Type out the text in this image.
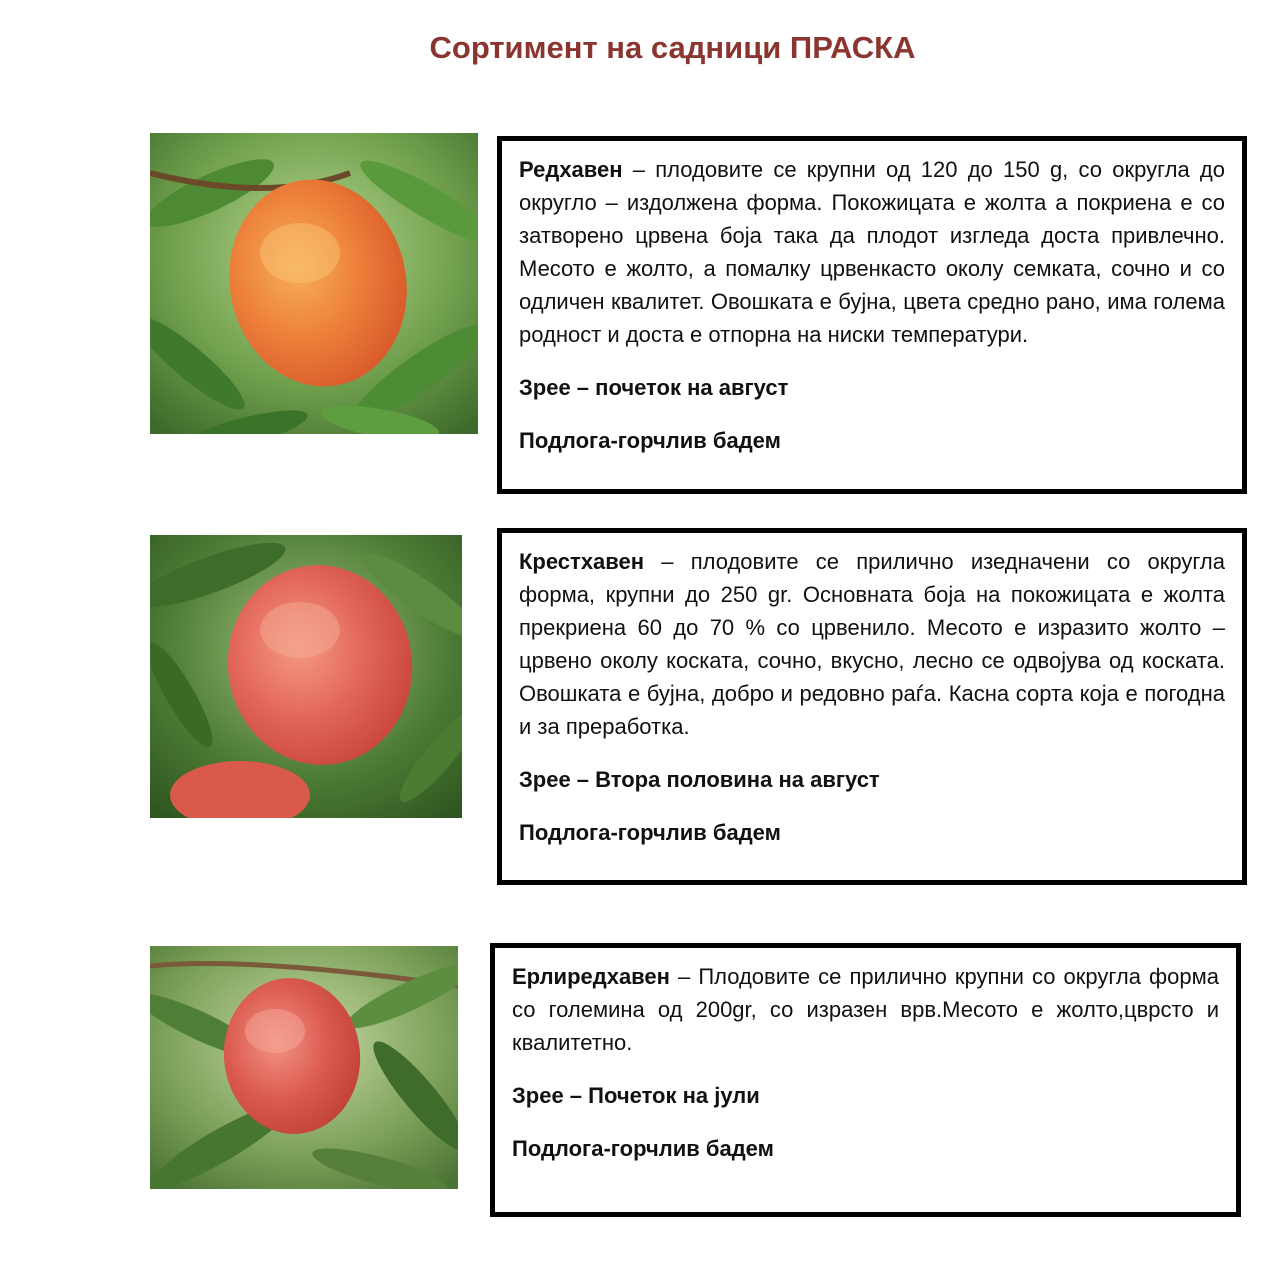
Сортимент на садници ПРАСКА

Редхавен – плодовите се крупни од 120 до 150 g, со округла до округло – издолжена форма. Покожицата е жолта а покриена е со затворено црвена боја така да плодот изгледа доста привлечно. Месото е жолто, а помалку црвенкасто околу семката, сочно и со одличен квалитет. Овошката е бујна, цвета средно рано, има голема родност и доста е отпорна на ниски температури.

Зрее – почеток на август

Подлога-горчлив бадем

Крестхавен – плодовите се прилично изедначени со округла форма, крупни до 250 gr. Основната боја на покожицата е жолта прекриена 60 до 70 % со црвенило. Месото е изразито жолто – црвено околу коската, сочно, вкусно, лесно се одвојува од коската. Овошката е бујна, добро и редовно раѓа. Касна сорта која е погодна и за преработка.

Зрее – Втора половина на август

Подлога-горчлив бадем

Ерлиредхавен – Плодовите се прилично крупни со округла форма со големина од 200gr, со изразен врв.Месото е жолто,цврсто и квалитетно.

Зрее – Почеток на јули

Подлога-горчлив бадем
